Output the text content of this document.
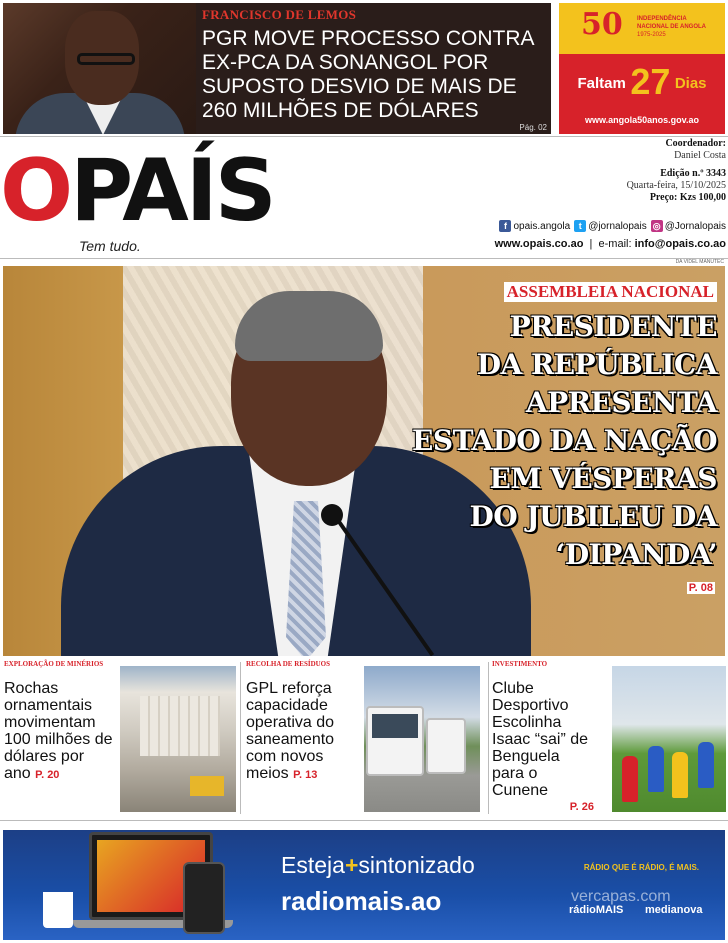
FRANCISCO DE LEMOS
PGR MOVE PROCESSO CONTRA EX-PCA DA SONANGOL POR SUPOSTO DESVIO DE MAIS DE 260 MILHÕES DE DÓLARES
Pág. 02
50 INDEPENDÊNCIA
NACIONAL DE ANGOLA
1975-2025
Faltam 27 Dias
www.angola50anos.gov.ao
OPAÍS
Tem tudo.
Coordenador:
Daniel Costa
Edição n.º 3343
Quarta-feira, 15/10/2025
Preço: Kzs 100,00
f opais.angola t @jornalopais ◎ @Jornalopais
www.opais.co.ao  |  e-mail: info@opais.co.ao
DA VIDEL MANUTEC
ASSEMBLEIA NACIONAL
PRESIDENTE
DA REPÚBLICA
APRESENTA
ESTADO DA NAÇÃO
EM VÉSPERAS
DO JUBILEU DA
‘DIPANDA’
P. 08
EXPLORAÇÃO DE MINÉRIOS
Rochas ornamentais movimentam 100 milhões de dólares por ano P. 20
RECOLHA DE RESÍDUOS
GPL reforça capacidade operativa do saneamento com novos meios P. 13
INVESTIMENTO
Clube Desportivo Escolinha Isaac “sai” de Benguela para o Cunene

P. 26
Esteja+sintonizado
radiomais.ao
RÁDIO QUE É RÁDIO, É MAIS.
vercapas.com
rádioMAIS medianova
